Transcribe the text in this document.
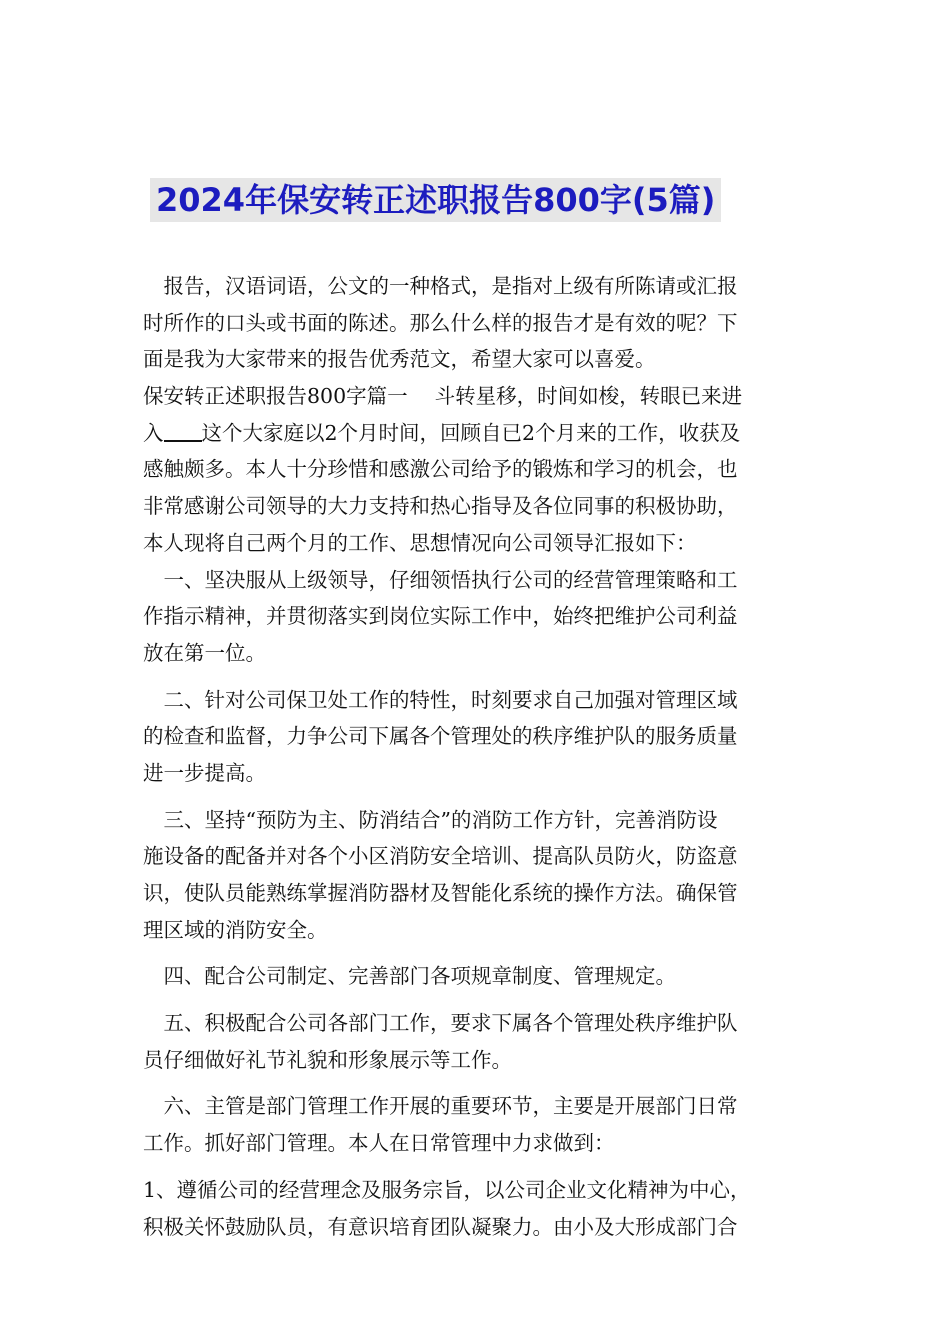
2024年保安转正述职报告800字(5篇)
　报告，汉语词语，公文的一种格式，是指对上级有所陈请或汇报
时所作的口头或书面的陈述。那么什么样的报告才是有效的呢？下
面是我为大家带来的报告优秀范文，希望大家可以喜爱。
保安转正述职报告800字篇一　 斗转星移，时间如梭，转眼已来进
入 这个大家庭以2个月时间，回顾自已2个月来的工作，收获及
感触颇多。本人十分珍惜和感激公司给予的锻炼和学习的机会，也
非常感谢公司领导的大力支持和热心指导及各位同事的积极协助，
本人现将自己两个月的工作、思想情况向公司领导汇报如下：
　一、坚决服从上级领导，仔细领悟执行公司的经营管理策略和工
作指示精神，并贯彻落实到岗位实际工作中，始终把维护公司利益
放在第一位。
　二、针对公司保卫处工作的特性，时刻要求自己加强对管理区域
的检查和监督，力争公司下属各个管理处的秩序维护队的服务质量
进一步提高。
　三、坚持“预防为主、防消结合”的消防工作方针，完善消防设
施设备的配备并对各个小区消防安全培训、提高队员防火，防盗意
识，使队员能熟练掌握消防器材及智能化系统的操作方法。确保管
理区域的消防安全。
　四、配合公司制定、完善部门各项规章制度、管理规定。
　五、积极配合公司各部门工作，要求下属各个管理处秩序维护队
员仔细做好礼节礼貌和形象展示等工作。
　六、主管是部门管理工作开展的重要环节，主要是开展部门日常
工作。抓好部门管理。本人在日常管理中力求做到：
1、遵循公司的经营理念及服务宗旨，以公司企业文化精神为中心，
积极关怀鼓励队员，有意识培育团队凝聚力。由小及大形成部门合
